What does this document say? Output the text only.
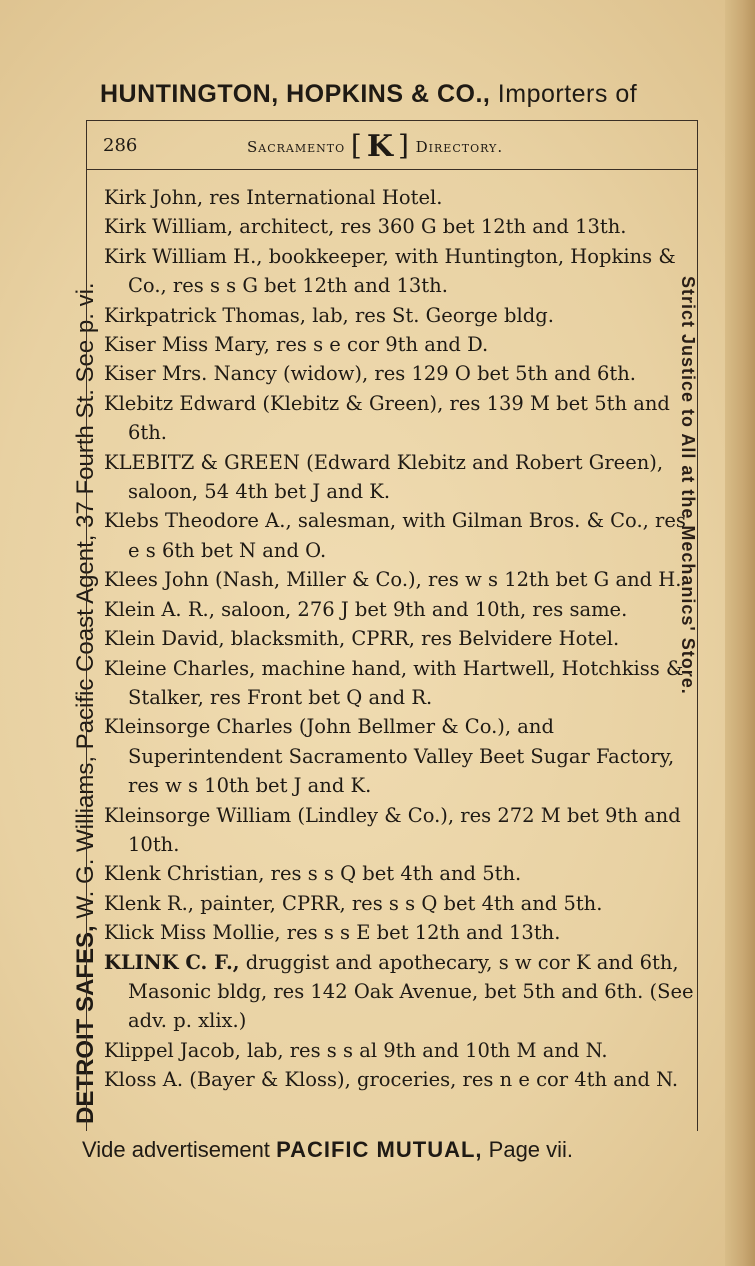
HUNTINGTON, HOPKINS & CO., Importers of
DETROIT SAFES, W. G. Williams, Pacific Coast Agent, 37 Fourth St. See p. vi.	Strict Justice to All at the Mechanics' Store.
286	Sacramento [ K ] Directory.
Kirk John, res International Hotel.
Kirk William, architect, res 360 G bet 12th and 13th.
Kirk William H., bookkeeper, with Huntington, Hopkins & Co., res s s G bet 12th and 13th.
Kirkpatrick Thomas, lab, res St. George bldg.
Kiser Miss Mary, res s e cor 9th and D.
Kiser Mrs. Nancy (widow), res 129 O bet 5th and 6th.
Klebitz Edward (Klebitz & Green), res 139 M bet 5th and 6th.
KLEBITZ & GREEN (Edward Klebitz and Robert Green), saloon, 54 4th bet J and K.
Klebs Theodore A., salesman, with Gilman Bros. & Co., res e s 6th bet N and O.
Klees John (Nash, Miller & Co.), res w s 12th bet G and H.
Klein A. R., saloon, 276 J bet 9th and 10th, res same.
Klein David, blacksmith, CPRR, res Belvidere Hotel.
Kleine Charles, machine hand, with Hartwell, Hotchkiss & Stalker, res Front bet Q and R.
Kleinsorge Charles (John Bellmer & Co.), and Superintendent Sacramento Valley Beet Sugar Factory, res w s 10th bet J and K.
Kleinsorge William (Lindley & Co.), res 272 M bet 9th and 10th.
Klenk Christian, res s s Q bet 4th and 5th.
Klenk R., painter, CPRR, res s s Q bet 4th and 5th.
Klick Miss Mollie, res s s E bet 12th and 13th.
KLINK C. F., druggist and apothecary, s w cor K and 6th, Masonic bldg, res 142 Oak Avenue, bet 5th and 6th. (See adv. p. xlix.)
Klippel Jacob, lab, res s s al 9th and 10th M and N.
Kloss A. (Bayer & Kloss), groceries, res n e cor 4th and N.
Vide advertisement PACIFIC MUTUAL, Page vii.
